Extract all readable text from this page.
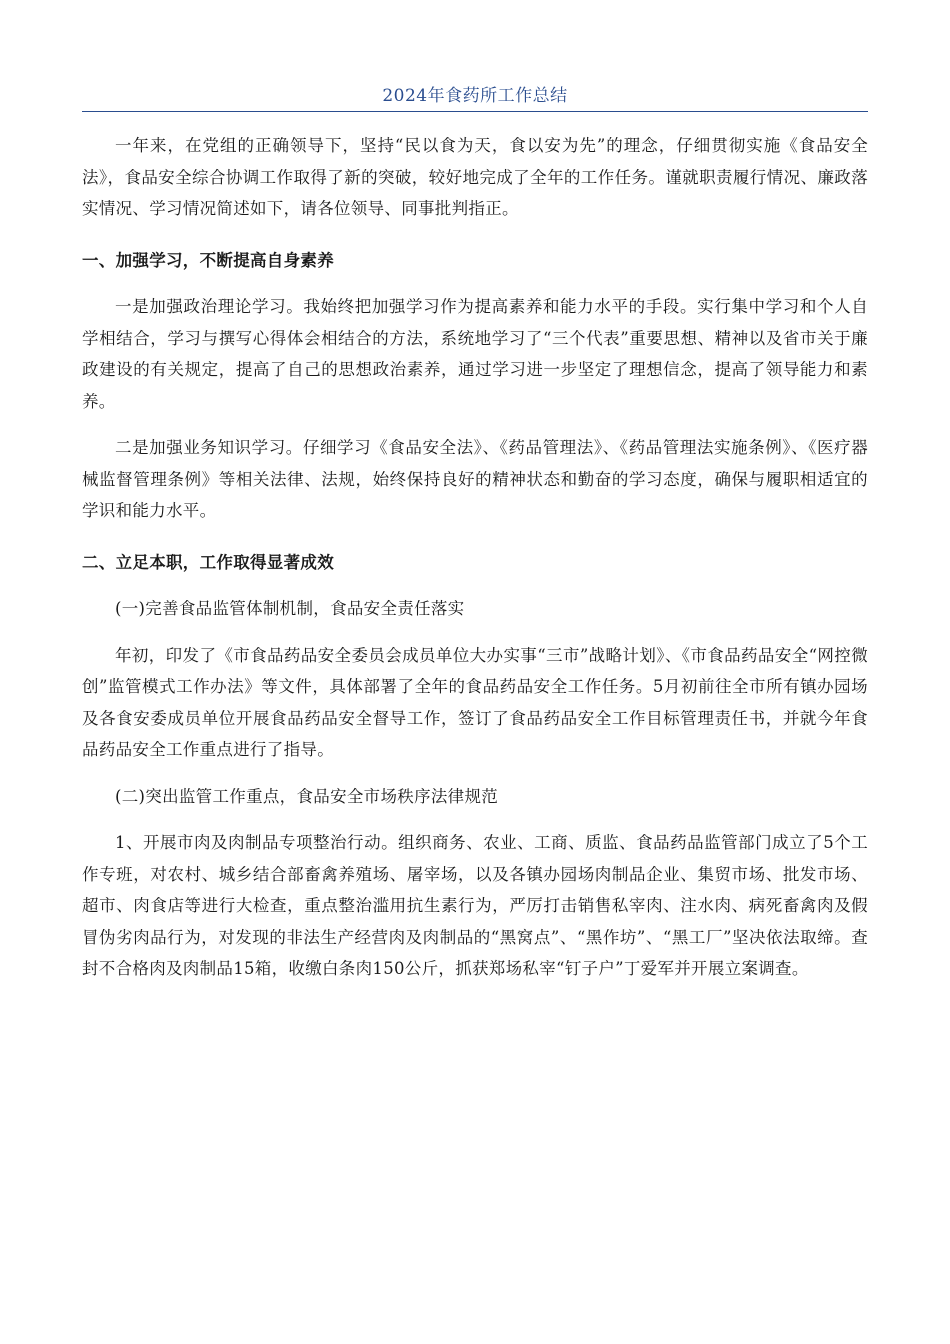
2024年食药所工作总结

一年来，在党组的正确领导下，坚持“民以食为天，食以安为先”的理念，仔细贯彻实施《食品安全法》，食品安全综合协调工作取得了新的突破，较好地完成了全年的工作任务。谨就职责履行情况、廉政落实情况、学习情况简述如下，请各位领导、同事批判指正。

一、加强学习，不断提高自身素养

一是加强政治理论学习。我始终把加强学习作为提高素养和能力水平的手段。实行集中学习和个人自学相结合，学习与撰写心得体会相结合的方法，系统地学习了“三个代表”重要思想、精神以及省市关于廉政建设的有关规定，提高了自己的思想政治素养，通过学习进一步坚定了理想信念，提高了领导能力和素养。

二是加强业务知识学习。仔细学习《食品安全法》、《药品管理法》、《药品管理法实施条例》、《医疗器械监督管理条例》等相关法律、法规，始终保持良好的精神状态和勤奋的学习态度，确保与履职相适宜的学识和能力水平。

二、立足本职，工作取得显著成效

(一)完善食品监管体制机制，食品安全责任落实

年初，印发了《市食品药品安全委员会成员单位大办实事“三市”战略计划》、《市食品药品安全“网控微创”监管模式工作办法》等文件，具体部署了全年的食品药品安全工作任务。5月初前往全市所有镇办园场及各食安委成员单位开展食品药品安全督导工作，签订了食品药品安全工作目标管理责任书，并就今年食品药品安全工作重点进行了指导。

(二)突出监管工作重点，食品安全市场秩序法律规范

1、开展市肉及肉制品专项整治行动。组织商务、农业、工商、质监、食品药品监管部门成立了5个工作专班，对农村、城乡结合部畜禽养殖场、屠宰场，以及各镇办园场肉制品企业、集贸市场、批发市场、超市、肉食店等进行大检查，重点整治滥用抗生素行为，严厉打击销售私宰肉、注水肉、病死畜禽肉及假冒伪劣肉品行为，对发现的非法生产经营肉及肉制品的“黑窝点”、“黑作坊”、“黑工厂”坚决依法取缔。查封不合格肉及肉制品15箱，收缴白条肉150公斤，抓获郑场私宰“钉子户”丁爱军并开展立案调查。
